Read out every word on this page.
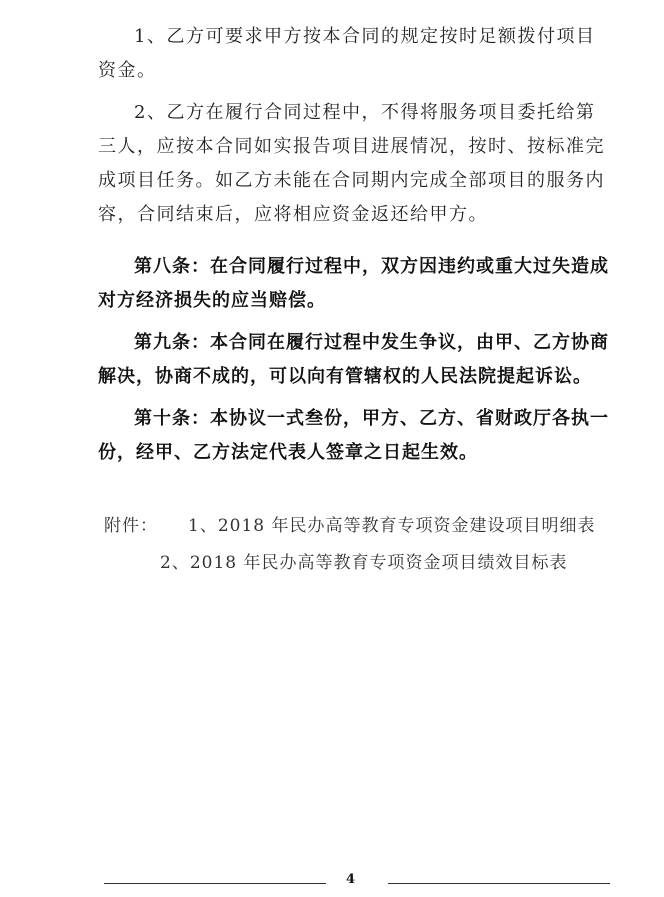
1、乙方可要求甲方按本合同的规定按时足额拨付项目资金。

2、乙方在履行合同过程中，不得将服务项目委托给第三人，应按本合同如实报告项目进展情况，按时、按标准完成项目任务。如乙方未能在合同期内完成全部项目的服务内容，合同结束后，应将相应资金返还给甲方。

第八条：在合同履行过程中，双方因违约或重大过失造成对方经济损失的应当赔偿。

第九条：本合同在履行过程中发生争议，由甲、乙方协商解决，协商不成的，可以向有管辖权的人民法院提起诉讼。

第十条：本协议一式叁份，甲方、乙方、省财政厅各执一份，经甲、乙方法定代表人签章之日起生效。

附件： 1、2018 年民办高等教育专项资金建设项目明细表
2、2018 年民办高等教育专项资金项目绩效目标表
4
